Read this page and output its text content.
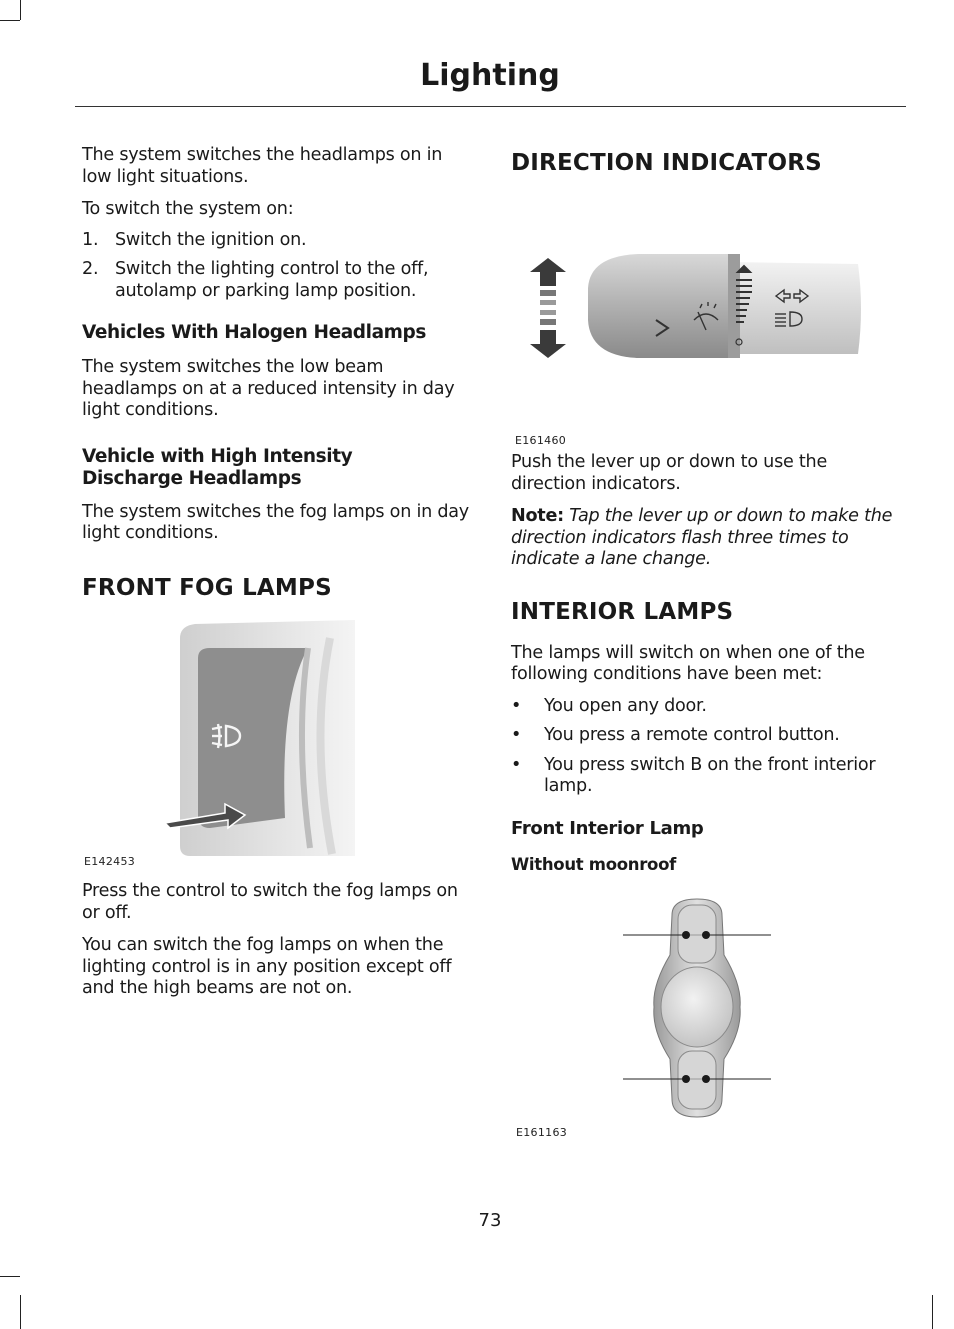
Lighting

The system switches the headlamps on in low light situations.

To switch the system on:

1. Switch the ignition on.
2. Switch the lighting control to the off, autolamp or parking lamp position.
Vehicles With Halogen Headlamps

The system switches the low beam headlamps on at a reduced intensity in day light conditions.

Vehicle with High Intensity Discharge Headlamps

The system switches the fog lamps on in day light conditions.

FRONT FOG LAMPS
E142453

Press the control to switch the fog lamps on or off.

You can switch the fog lamps on when the lighting control is in any position except off and the high beams are not on.

DIRECTION INDICATORS
E161460

Push the lever up or down to use the direction indicators.

Note: Tap the lever up or down to make the direction indicators flash three times to indicate a lane change.

INTERIOR LAMPS

The lamps will switch on when one of the following conditions have been met:

• You open any door.
• You press a remote control button.
• You press switch B on the front interior lamp.
Front Interior Lamp
Without moonroof
E161163
73
